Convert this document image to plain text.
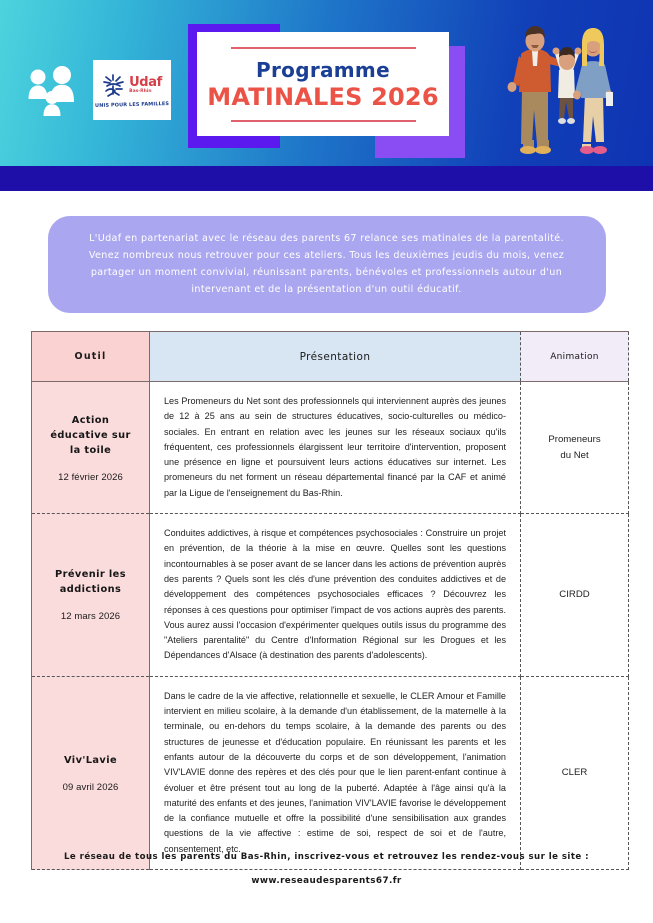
Udaf
Bas-Rhin
UNIS POUR LES FAMILLES
Programme
MATINALES 2026
L'Udaf en partenariat avec le réseau des parents 67 relance ses matinales de la parentalité. Venez nombreux nous retrouver pour ces ateliers. Tous les deuxièmes jeudis du mois, venez partager un moment convivial, réunissant parents, bénévoles et professionnels autour d'un intervenant et de la présentation d'un outil éducatif.
Outil	Présentation	Animation

Action
éducative sur
la toile
12 février 2026
	Les Promeneurs du Net sont des professionnels qui interviennent auprès des jeunes de 12 à 25 ans au sein de structures éducatives, socio-culturelles ou médico-sociales. En entrant en relation avec les jeunes sur les réseaux sociaux qu'ils fréquentent, ces professionnels élargissent leur territoire d'intervention, proposent une présence en ligne et poursuivent leurs actions éducatives sur internet. Les promeneurs du net forment un réseau départemental financé par la CAF et animé par la Ligue de l'enseignement du Bas-Rhin.	Promeneurs
du Net

Prévenir les
addictions
12 mars 2026
	Conduites addictives, à risque et compétences psychosociales : Construire un projet en prévention, de la théorie à la mise en œuvre. Quelles sont les questions incontournables à se poser avant de se lancer dans les actions de prévention auprès des parents ? Quels sont les clés d'une prévention des conduites addictives et de développement des compétences psychosociales efficaces ? Découvrez les réponses à ces questions pour optimiser l'impact de vos actions auprès des parents. Vous aurez aussi l'occasion d'expérimenter quelques outils issus du programme des "Ateliers parentalité" du Centre d'Information Régional sur les Drogues et les Dépendances d'Alsace (à destination des parents d'adolescents).	CIRDD

Viv'Lavie
09 avril 2026	Dans le cadre de la vie affective, relationnelle et sexuelle, le CLER Amour et Famille intervient en milieu scolaire, à la demande d'un établissement, de la maternelle à la terminale, ou en-dehors du temps scolaire, à la demande des parents ou des structures de jeunesse et d'éducation populaire. En réunissant les parents et les enfants autour de la découverte du corps et de son développement, l'animation VIV'LAVIE donne des repères et des clés pour que le lien parent-enfant continue à évoluer et être présent tout au long de la puberté. Adaptée à l'âge ainsi qu'à la maturité des enfants et des jeunes, l'animation VIV'LAVIE favorise le développement de la confiance mutuelle et offre la possibilité d'une sensibilisation aux grandes questions de la vie affective : estime de soi, respect de soi et de l'autre, consentement, etc.	CLER
Le réseau de tous les parents du Bas-Rhin, inscrivez-vous et retrouvez les rendez-vous sur le site :
www.reseaudesparents67.fr
